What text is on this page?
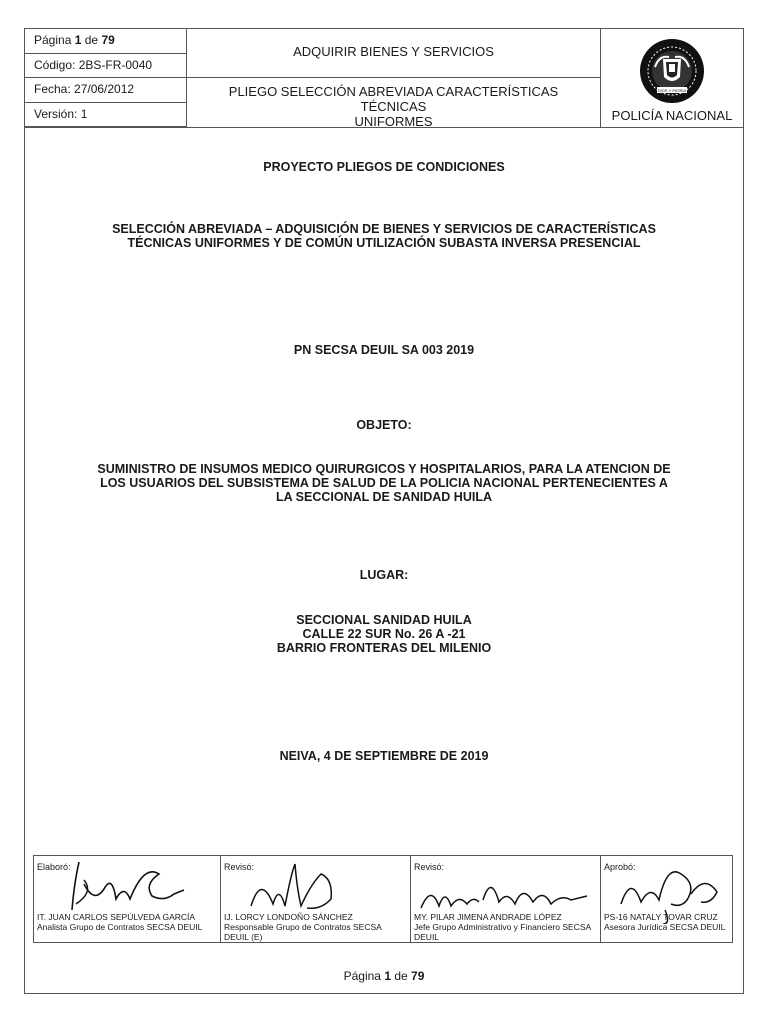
Página 1 de 79
Código: 2BS-FR-0040
Fecha: 27/06/2012
Versión: 1
ADQUIRIR BIENES Y SERVICIOS
PLIEGO SELECCIÓN ABREVIADA CARACTERÍSTICAS TÉCNICAS
UNIFORMES
DIOS Y PATRIA
POLICÍA NACIONAL
PROYECTO PLIEGOS DE CONDICIONES
SELECCIÓN ABREVIADA – ADQUISICIÓN DE BIENES Y SERVICIOS DE CARACTERÍSTICAS
TÉCNICAS UNIFORMES Y DE COMÚN UTILIZACIÓN SUBASTA INVERSA PRESENCIAL
PN SECSA DEUIL SA 003 2019
OBJETO:
SUMINISTRO DE INSUMOS MEDICO QUIRURGICOS Y HOSPITALARIOS, PARA LA ATENCION DE
LOS USUARIOS DEL SUBSISTEMA DE SALUD DE LA POLICIA NACIONAL PERTENECIENTES A
LA SECCIONAL DE SANIDAD HUILA
LUGAR:
SECCIONAL SANIDAD HUILA
CALLE 22 SUR No. 26 A -21
BARRIO FRONTERAS DEL MILENIO
NEIVA, 4 DE SEPTIEMBRE DE 2019
Elaboró:
IT. JUAN CARLOS SEPÚLVEDA GARCÍA
Analista Grupo de Contratos SECSA DEUIL
Revisó:
IJ. LORCY LONDOÑO SÁNCHEZ
Responsable Grupo de Contratos SECSA DEUIL (E)
Revisó:
MY. PILAR JIMENA ANDRADE LÓPEZ
Jefe Grupo Administrativo y Financiero SECSA DEUIL
Aprobó:
PS-16 NATALY TOVAR CRUZ
Asesora Jurídica SECSA DEUIL
Página 1 de 79
